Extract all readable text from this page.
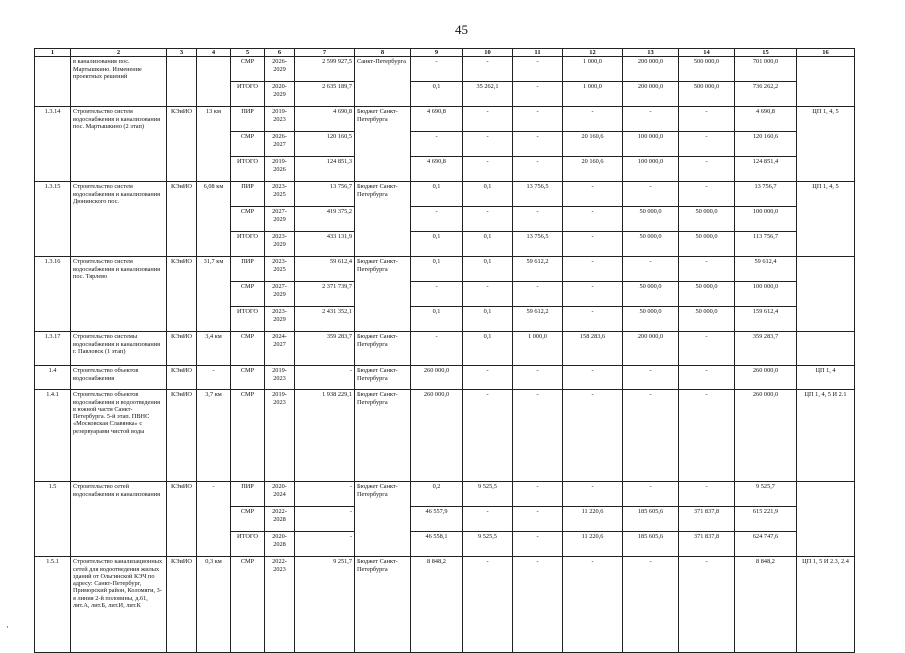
45
1	2	3	4	5	6	7	8	9	10	11	12	13	14	15	16
	в канализования пос. Мартышкино. Изменение проектных решений			СМР	2026-2029	2 599 927,5	Санкт-Петербурга	-	-	-	1 000,0	200 000,0	500 000,0	701 000,0	
				ИТОГО	2020-2029	2 635 189,7		0,1	35 262,1	-	1 000,0	200 000,0	500 000,0	736 262,2	
1.3.14	Строительство систем водоснабжения и канализования пос. Мартышкино (2 этап)	КЭиИО	13 км	ПИР	2019-2023	4 690,8	Бюджет Санкт-Петербурга	4 690,8	-	-	-	-	-	4 690,8	ЦП 1, 4, 5
				СМР	2026-2027	120 160,5		-	-	-	20 160,6	100 000,0	-	120 160,6	
				ИТОГО	2019-2026	124 851,3		4 690,8	-	-	20 160,6	100 000,0	-	124 851,4	
1.3.15	Строительство систем водоснабжения и канализования Дюнинского пос.	КЭиИО	6,08 км	ПИР	2023-2025	13 756,7	Бюджет Санкт-Петербурга	0,1	0,1	13 756,5	-	-	-	13 756,7	ЦП 1, 4, 5
				СМР	2027-2029	419 375,2		-	-	-	-	50 000,0	50 000,0	100 000,0	
				ИТОГО	2023-2029	433 131,9		0,1	0,1	13 756,5	-	50 000,0	50 000,0	113 756,7	
1.3.16	Строительство систем водоснабжения и канализования пос. Тярлево	КЭиИО	31,7 км	ПИР	2023-2025	59 612,4	Бюджет Санкт-Петербурга	0,1	0,1	59 612,2	-	-	-	59 612,4	
				СМР	2027-2029	2 371 739,7		-	-	-	-	50 000,0	50 000,0	100 000,0	
				ИТОГО	2023-2029	2 431 352,1		0,1	0,1	59 612,2	-	50 000,0	50 000,0	159 612,4	
1.3.17	Строительство системы водоснабжения и канализования г. Павловск (1 этап)	КЭиИО	3,4 км	СМР	2024-2027	359 283,7	Бюджет Санкт-Петербурга	-	0,1	1 000,0	158 283,6	200 000,0	-	359 283,7	
1.4	Строительство объектов водоснабжения	КЭиИО	-	СМР	2019-2023	-	Бюджет Санкт-Петербурга	260 000,0	-	-	-	-	-	260 000,0	ЦП 1, 4
1.4.1	Строительство объектов водоснабжения и водоотведения в южной части Санкт-Петербурга. 5-й этап. ПВНС «Московская Славянка» с резервуарами чистой воды	КЭиИО	3,7 км	СМР	2019-2023	1 938 229,1	Бюджет Санкт-Петербурга	260 000,0	-	-	-	-	-	260 000,0	ЦП 1, 4, 5 И 2.1
1.5	Строительство сетей водоснабжения и канализования	КЭиИО	-	ПИР	2020-2024	-	Бюджет Санкт-Петербурга	0,2	9 525,5	-	-	-	-	9 525,7	
				СМР	2022-2028	-		46 557,9	-	-	11 220,6	185 605,6	371 837,8	615 221,9	
				ИТОГО	2020-2028	-		46 558,1	9 525,5	-	11 220,6	185 605,6	371 837,8	624 747,6	
1.5.1	Строительство канализационных сетей для водоотведения жилых зданий от Ольгинской КЭЧ по адресу: Санкт-Петербург, Приморский район, Коломяги, 3-я линия 2-й половины, д.61, лит.А, лит.Б, лит.И, лит.К	КЭиИО	0,3 км	СМР	2022-2023	9 251,7	Бюджет Санкт-Петербурга	8 848,2	-	-	-	-	-	8 848,2	ЦП 1, 5 И 2.3, 2.4
·
